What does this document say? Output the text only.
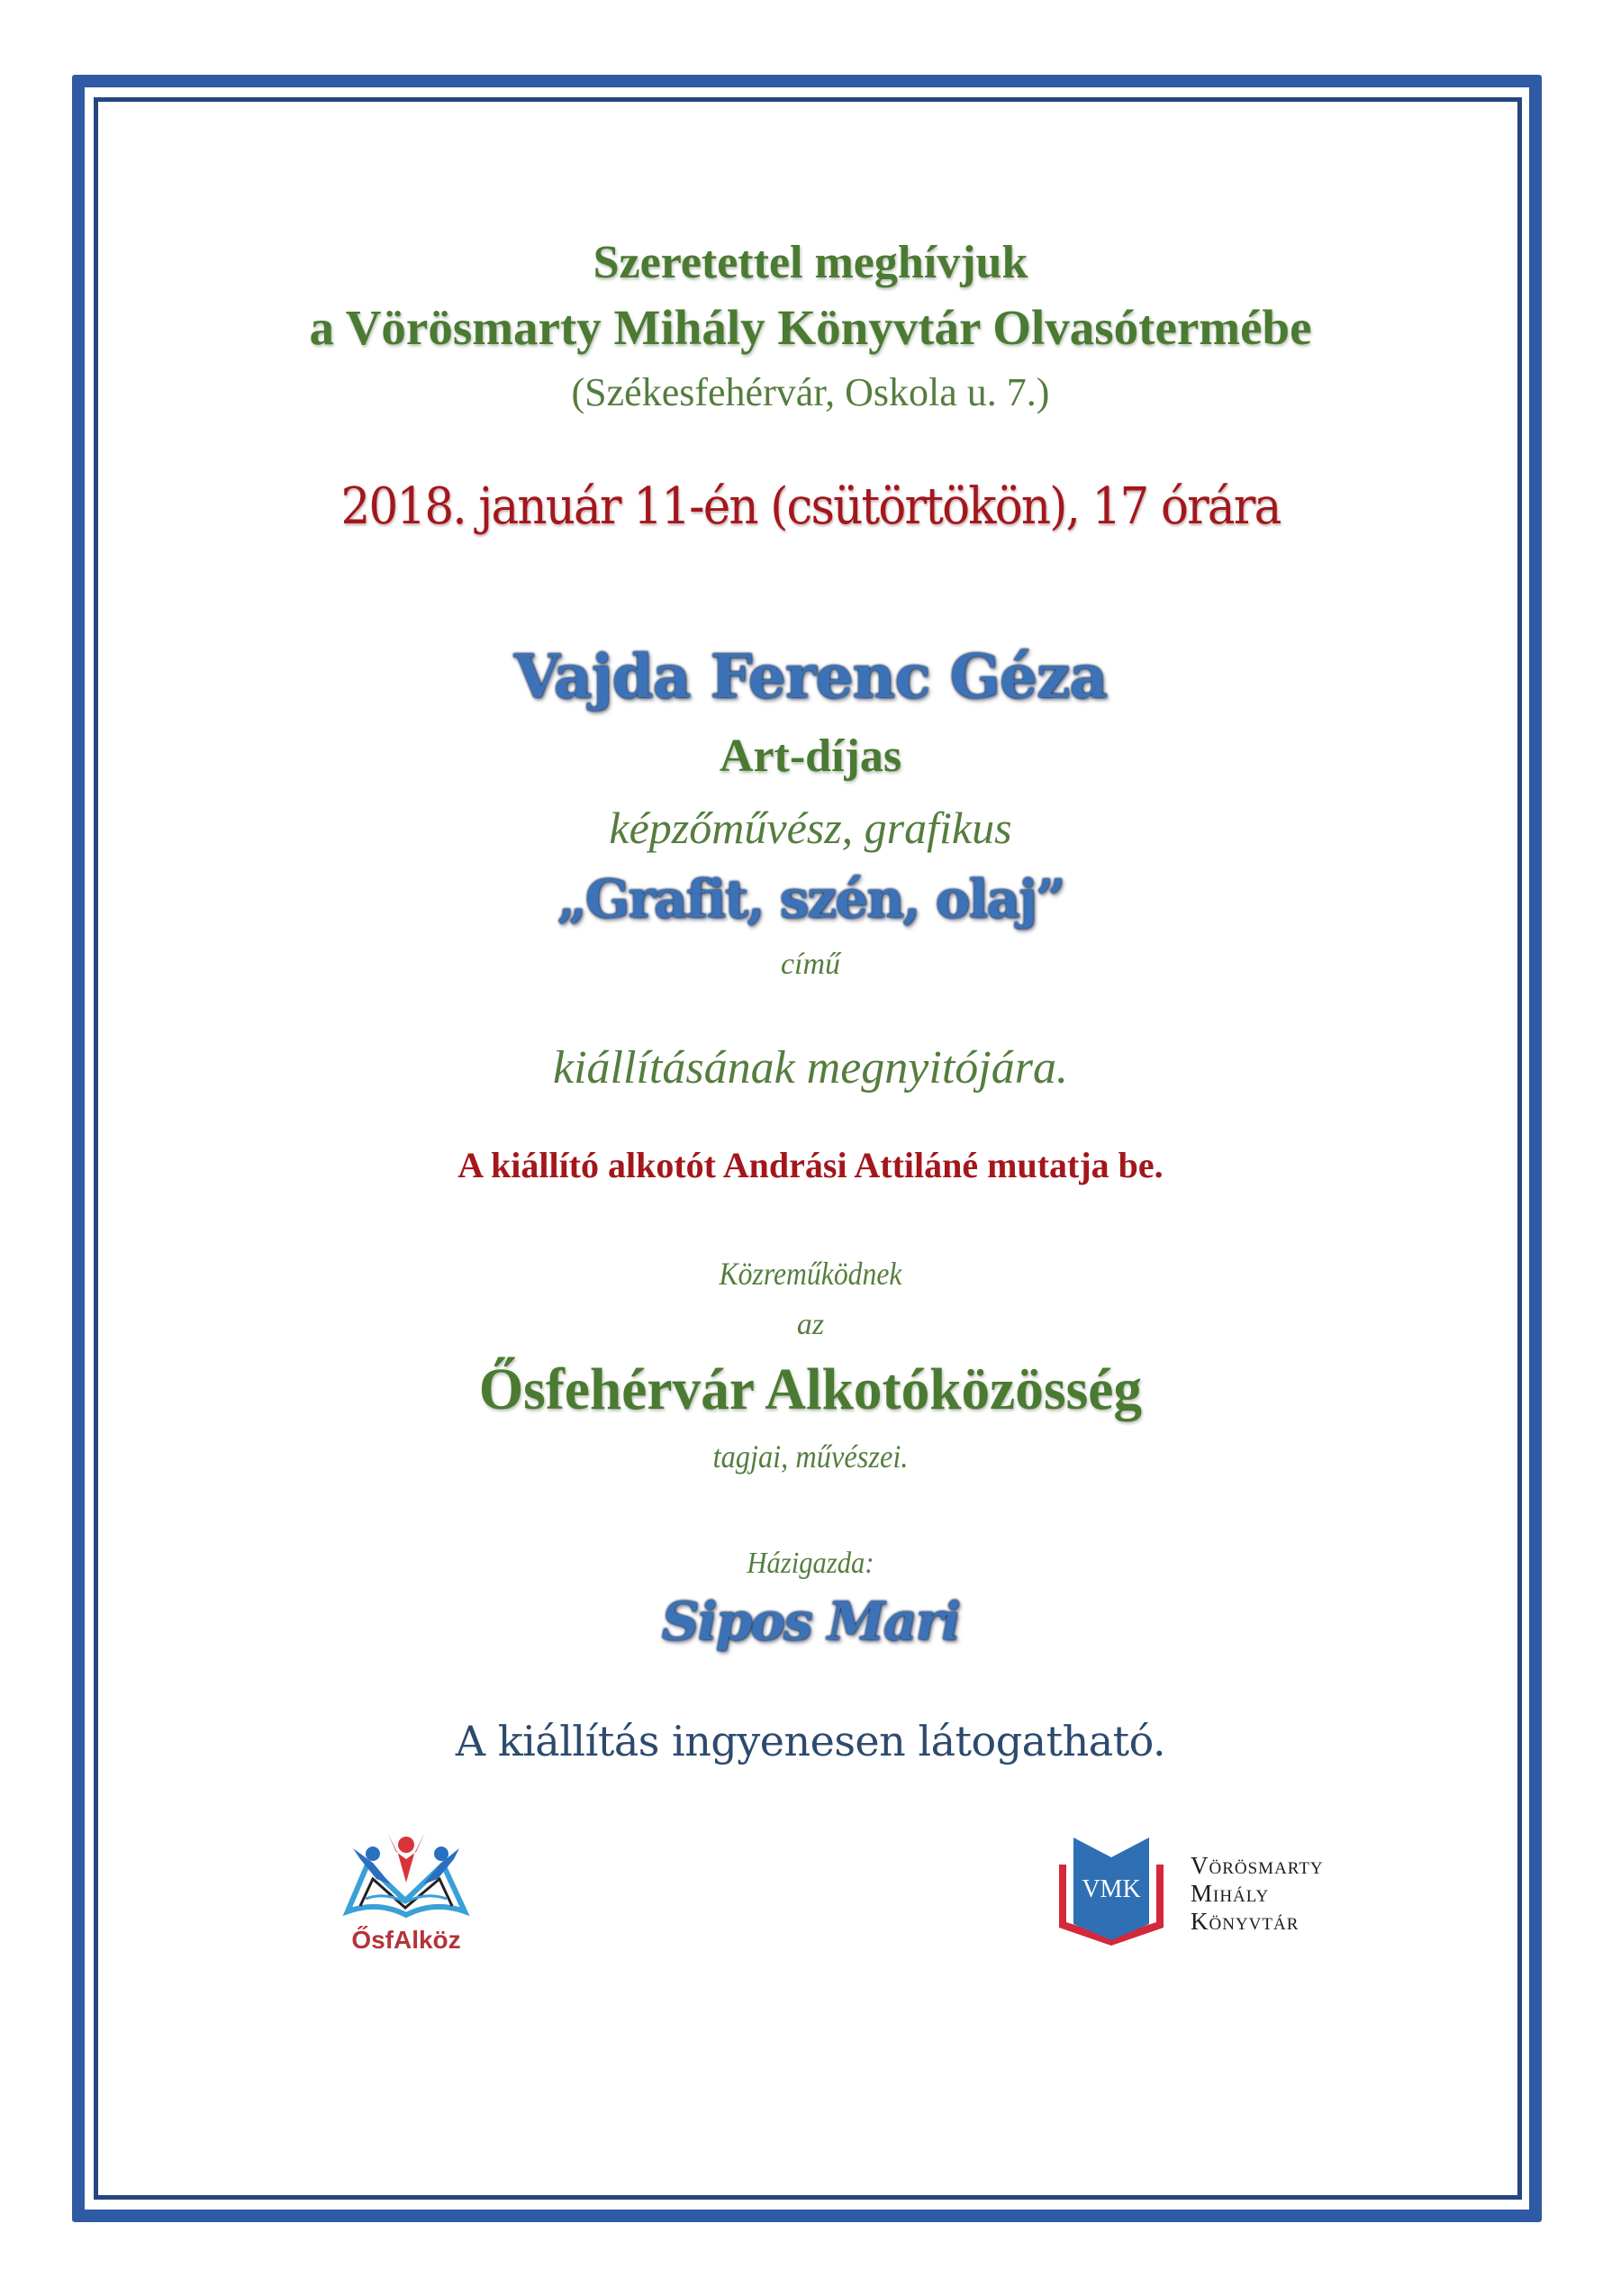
Szeretettel meghívjuk
a Vörösmarty Mihály Könyvtár Olvasótermébe
(Székesfehérvár, Oskola u. 7.)
2018. január 11-én (csütörtökön), 17 órára
Vajda Ferenc Géza
Art-díjas
képzőművész, grafikus
„Grafit, szén, olaj”
című
kiállításának megnyitójára.
A kiállító alkotót Andrási Attiláné mutatja be.
Közreműködnek
az
Ősfehérvár Alkotóközösség
tagjai, művészei.
Házigazda:
Sipos Mari
A kiállítás ingyenesen látogatható.
ŐsfAlköz
VMK
Vörösmarty
Mihály
Könyvtár
